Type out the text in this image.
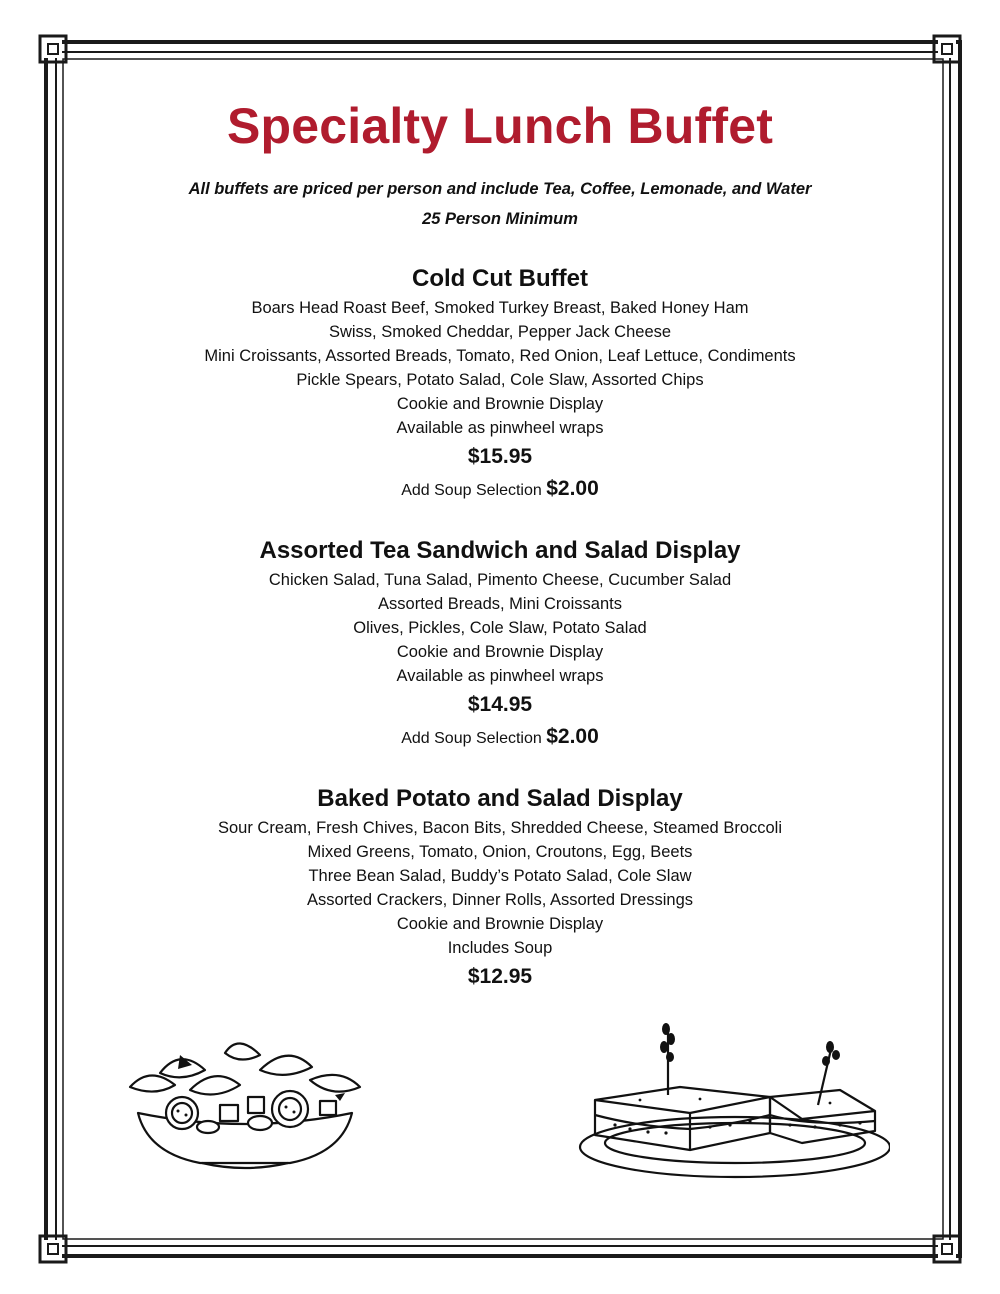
Specialty Lunch Buffet
All buffets are priced per person and include Tea, Coffee, Lemonade, and Water
25 Person Minimum
Cold Cut Buffet
Boars Head Roast Beef, Smoked Turkey Breast, Baked Honey Ham
Swiss, Smoked Cheddar, Pepper Jack Cheese
Mini Croissants, Assorted Breads, Tomato, Red Onion, Leaf Lettuce, Condiments
Pickle Spears, Potato Salad, Cole Slaw, Assorted Chips
Cookie and Brownie Display
Available as pinwheel wraps
$15.95
Add Soup Selection $2.00
Assorted Tea Sandwich and Salad Display
Chicken Salad, Tuna Salad, Pimento Cheese, Cucumber Salad
Assorted Breads, Mini Croissants
Olives, Pickles, Cole Slaw, Potato Salad
Cookie and Brownie Display
Available as pinwheel wraps
$14.95
Add Soup Selection $2.00
Baked Potato and Salad Display
Sour Cream, Fresh Chives, Bacon Bits, Shredded Cheese, Steamed Broccoli
Mixed Greens, Tomato, Onion, Croutons, Egg, Beets
Three Bean Salad, Buddy’s Potato Salad, Cole Slaw
Assorted Crackers, Dinner Rolls, Assorted Dressings
Cookie and Brownie Display
Includes Soup
$12.95
